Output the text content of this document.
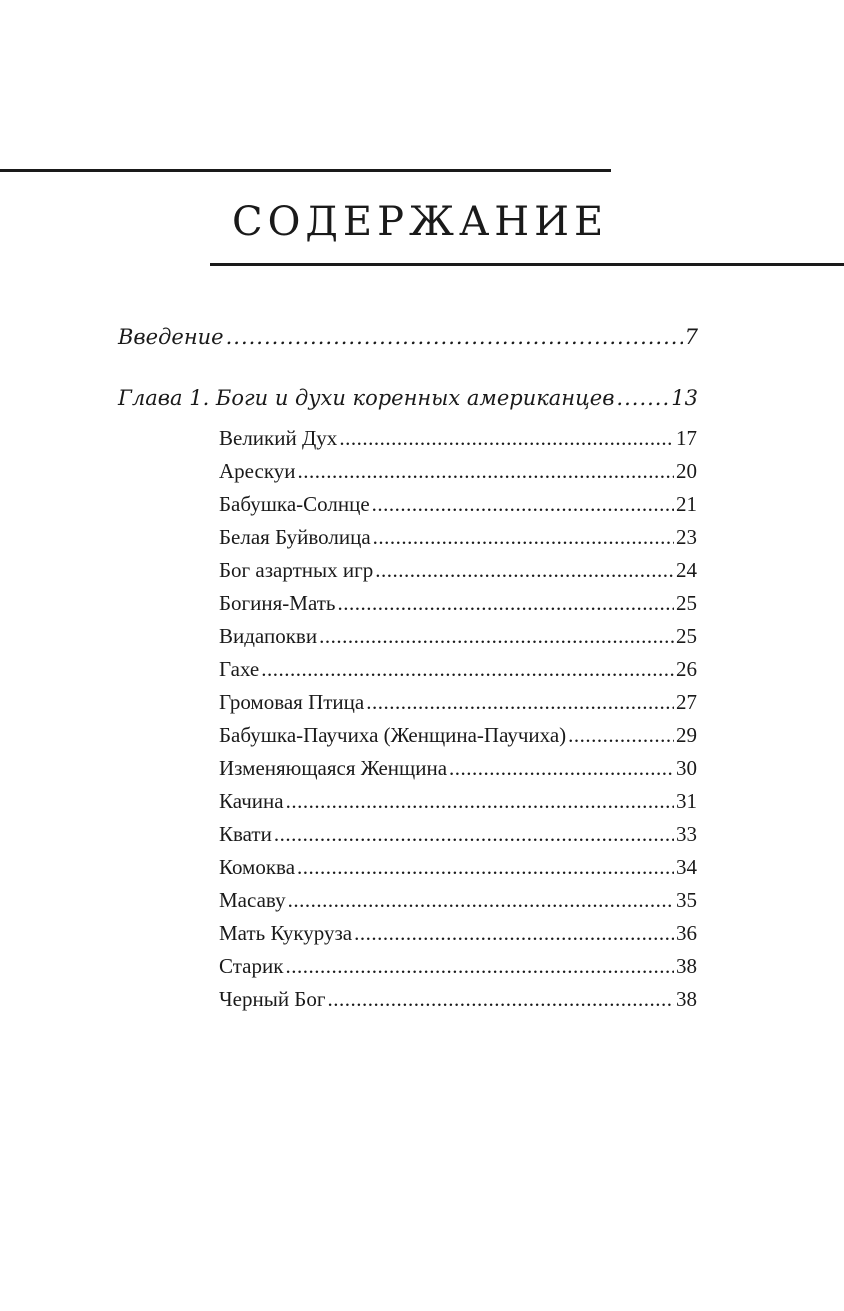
СОДЕРЖАНИЕ
Введение .....	7
Глава 1. Боги и духи коренных американцев .....	13
Великий Дух .....	17
Арескуи .....	20
Бабушка-Солнце .....	21
Белая Буйволица .....	23
Бог азартных игр .....	24
Богиня-Мать .....	25
Видапокви .....	25
Гахе .....	26
Громовая Птица .....	27
Бабушка-Паучиха (Женщина-Паучиха) .....	29
Изменяющаяся Женщина .....	30
Качина .....	31
Квати .....	33
Комоква .....	34
Масаву .....	35
Мать Кукуруза .....	36
Старик .....	38
Черный Бог .....	38
